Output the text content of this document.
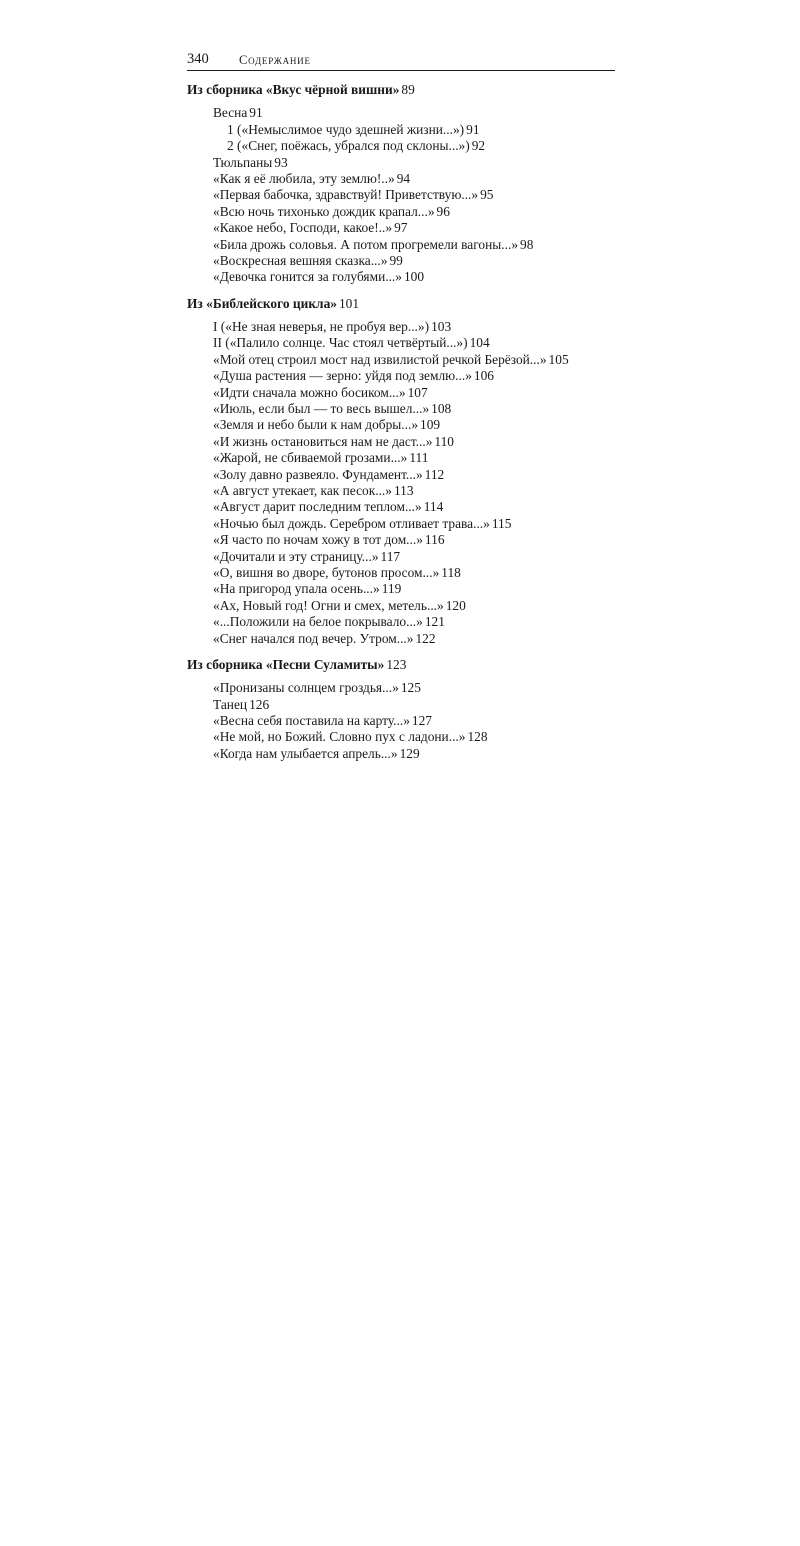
340 Содержание
Из сборника «Вкус чёрной вишни» 89
Весна 91
1 («Немыслимое чудо здешней жизни...») 91
2 («Снег, поёжась, убрался под склоны...») 92
Тюльпаны 93
«Как я её любила, эту землю!..» 94
«Первая бабочка, здравствуй! Приветствую...» 95
«Всю ночь тихонько дождик крапал...» 96
«Какое небо, Господи, какое!..» 97
«Била дрожь соловья. А потом прогремели вагоны...» 98
«Воскресная вешняя сказка...» 99
«Девочка гонится за голубями...» 100
Из «Библейского цикла» 101
I («Не зная неверья, не пробуя вер...») 103
II («Палило солнце. Час стоял четвёртый...») 104
«Мой отец строил мост над извилистой речкой Берёзой...» 105
«Душа растения — зерно: уйдя под землю...» 106
«Идти сначала можно босиком...» 107
«Июль, если был — то весь вышел...» 108
«Земля и небо были к нам добры...» 109
«И жизнь остановиться нам не даст...» 110
«Жарой, не сбиваемой грозами...» 111
«Золу давно развеяло. Фундамент...» 112
«А август утекает, как песок...» 113
«Август дарит последним теплом...» 114
«Ночью был дождь. Серебром отливает трава...» 115
«Я часто по ночам хожу в тот дом...» 116
«Дочитали и эту страницу...» 117
«О, вишня во дворе, бутонов просом...» 118
«На пригород упала осень...» 119
«Ах, Новый год! Огни и смех, метель...» 120
«...Положили на белое покрывало...» 121
«Снег начался под вечер. Утром...» 122
Из сборника «Песни Суламиты» 123
«Пронизаны солнцем гроздья...» 125
Танец 126
«Весна себя поставила на карту...» 127
«Не мой, но Божий. Словно пух с ладони...» 128
«Когда нам улыбается апрель...» 129
